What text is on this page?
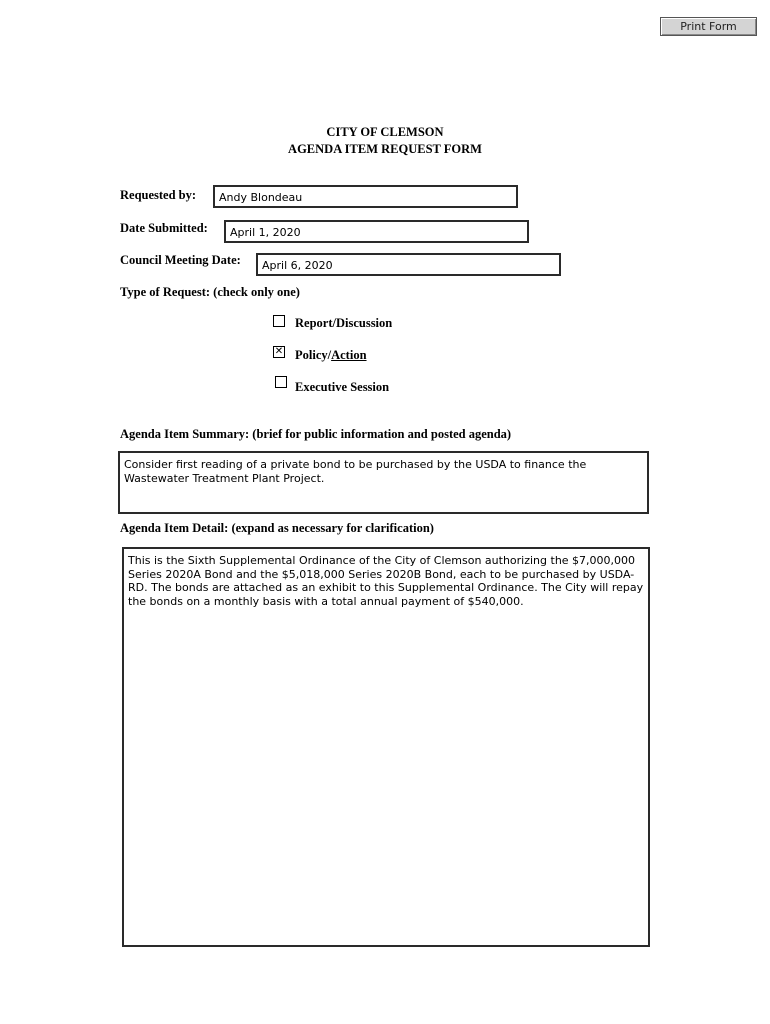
Print Form
CITY OF CLEMSON
AGENDA ITEM REQUEST FORM
Requested by:	Andy Blondeau
Date Submitted:	April 1, 2020
Council Meeting Date:	April 6, 2020
Type of Request: (check only one)
Report/Discussion
✕ Policy/Action
Executive Session
Agenda Item Summary: (brief for public information and posted agenda)
Consider first reading of a private bond to be purchased by the USDA to finance the Wastewater Treatment Plant Project.
Agenda Item Detail: (expand as necessary for clarification)
This is the Sixth Supplemental Ordinance of the City of Clemson authorizing the $7,000,000 Series 2020A Bond and the $5,018,000 Series 2020B Bond, each to be purchased by USDA-RD. The bonds are attached as an exhibit to this Supplemental Ordinance. The City will repay the bonds on a monthly basis with a total annual payment of $540,000.
